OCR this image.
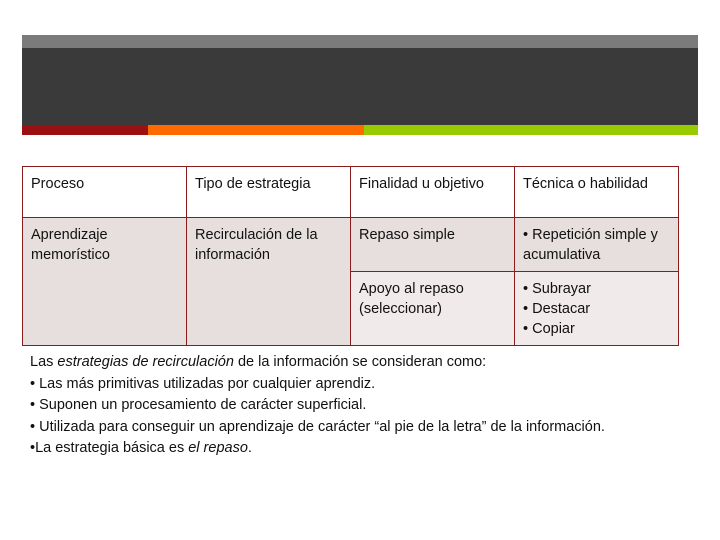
Proceso	Tipo de estrategia	Finalidad u objetivo	Técnica o habilidad
Aprendizaje memorístico	Recirculación de la información	Repaso simple	• Repetición simple y acumulativa

		Apoyo al repaso (seleccionar)	• Subrayar
• Destacar
• Copiar

Las estrategias de recirculación de la información se consideran como:

• Las más primitivas utilizadas por cualquier aprendiz.

• Suponen un procesamiento de carácter superficial.

• Utilizada para conseguir un aprendizaje de carácter “al pie de la letra” de la información.

•La estrategia básica es el repaso.
